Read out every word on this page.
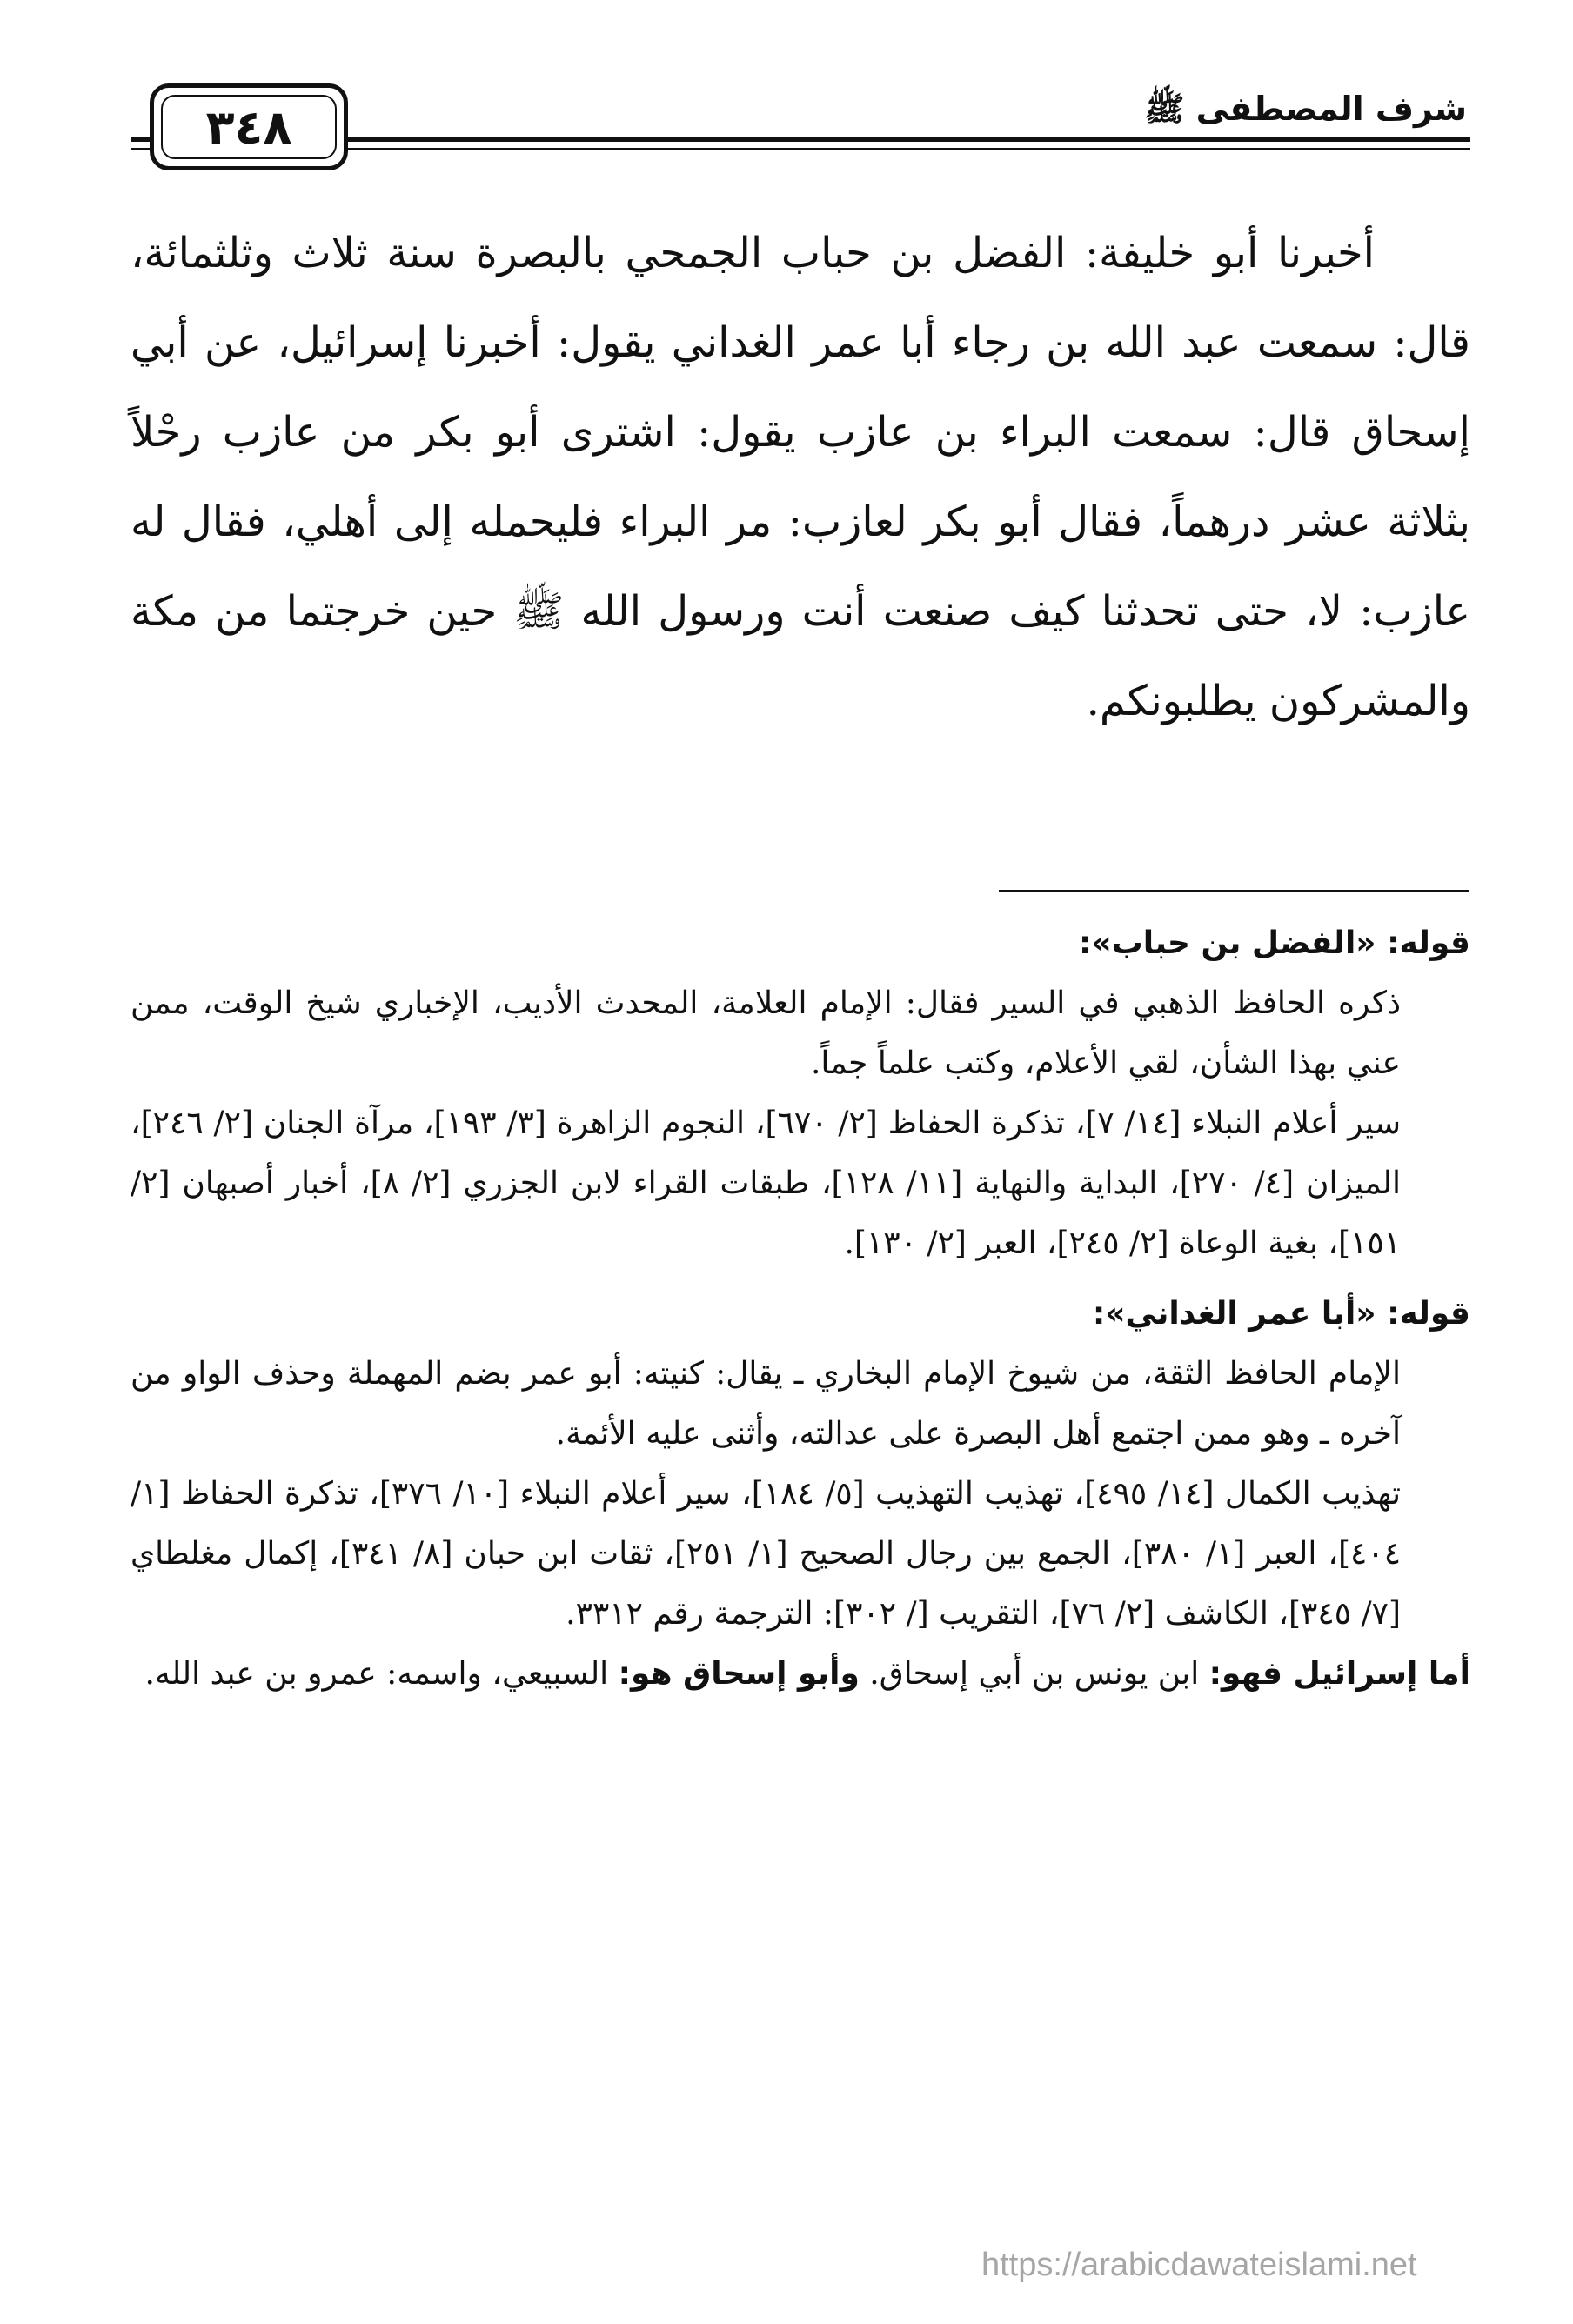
٣٤٨	شرف المصطفى ﷺ

أخبرنا أبو خليفة: الفضل بن حباب الجمحي بالبصرة سنة ثلاث وثلثمائة، قال: سمعت عبد الله بن رجاء أبا عمر الغداني يقول: أخبرنا إسرائيل، عن أبي إسحاق قال: سمعت البراء بن عازب يقول: اشترى أبو بكر من عازب رحْلاً بثلاثة عشر درهماً، فقال أبو بكر لعازب: مر البراء فليحمله إلى أهلي، فقال له عازب: لا، حتى تحدثنا كيف صنعت أنت ورسول الله ﷺ حين خرجتما من مكة والمشركون يطلبونكم.

قوله: «الفضل بن حباب»:

ذكره الحافظ الذهبي في السير فقال: الإمام العلامة، المحدث الأديب، الإخباري شيخ الوقت، ممن عني بهذا الشأن، لقي الأعلام، وكتب علماً جماً.

سير أعلام النبلاء [١٤/ ٧]، تذكرة الحفاظ [٢/ ٦٧٠]، النجوم الزاهرة [٣/ ١٩٣]، مرآة الجنان [٢/ ٢٤٦]، الميزان [٤/ ٢٧٠]، البداية والنهاية [١١/ ١٢٨]، طبقات القراء لابن الجزري [٢/ ٨]، أخبار أصبهان [٢/ ١٥١]، بغية الوعاة [٢/ ٢٤٥]، العبر [٢/ ١٣٠].

قوله: «أبا عمر الغداني»:

الإمام الحافظ الثقة، من شيوخ الإمام البخاري ـ يقال: كنيته: أبو عمر بضم المهملة وحذف الواو من آخره ـ وهو ممن اجتمع أهل البصرة على عدالته، وأثنى عليه الأئمة.

تهذيب الكمال [١٤/ ٤٩٥]، تهذيب التهذيب [٥/ ١٨٤]، سير أعلام النبلاء [١٠/ ٣٧٦]، تذكرة الحفاظ [١/ ٤٠٤]، العبر [١/ ٣٨٠]، الجمع بين رجال الصحيح [١/ ٢٥١]، ثقات ابن حبان [٨/ ٣٤١]، إكمال مغلطاي [٧/ ٣٤٥]، الكاشف [٢/ ٧٦]، التقريب [/ ٣٠٢]: الترجمة رقم ٣٣١٢.

أما إسرائيل فهو: ابن يونس بن أبي إسحاق. وأبو إسحاق هو: السبيعي، واسمه: عمرو بن عبد الله.

https://arabicdawateislami.net
